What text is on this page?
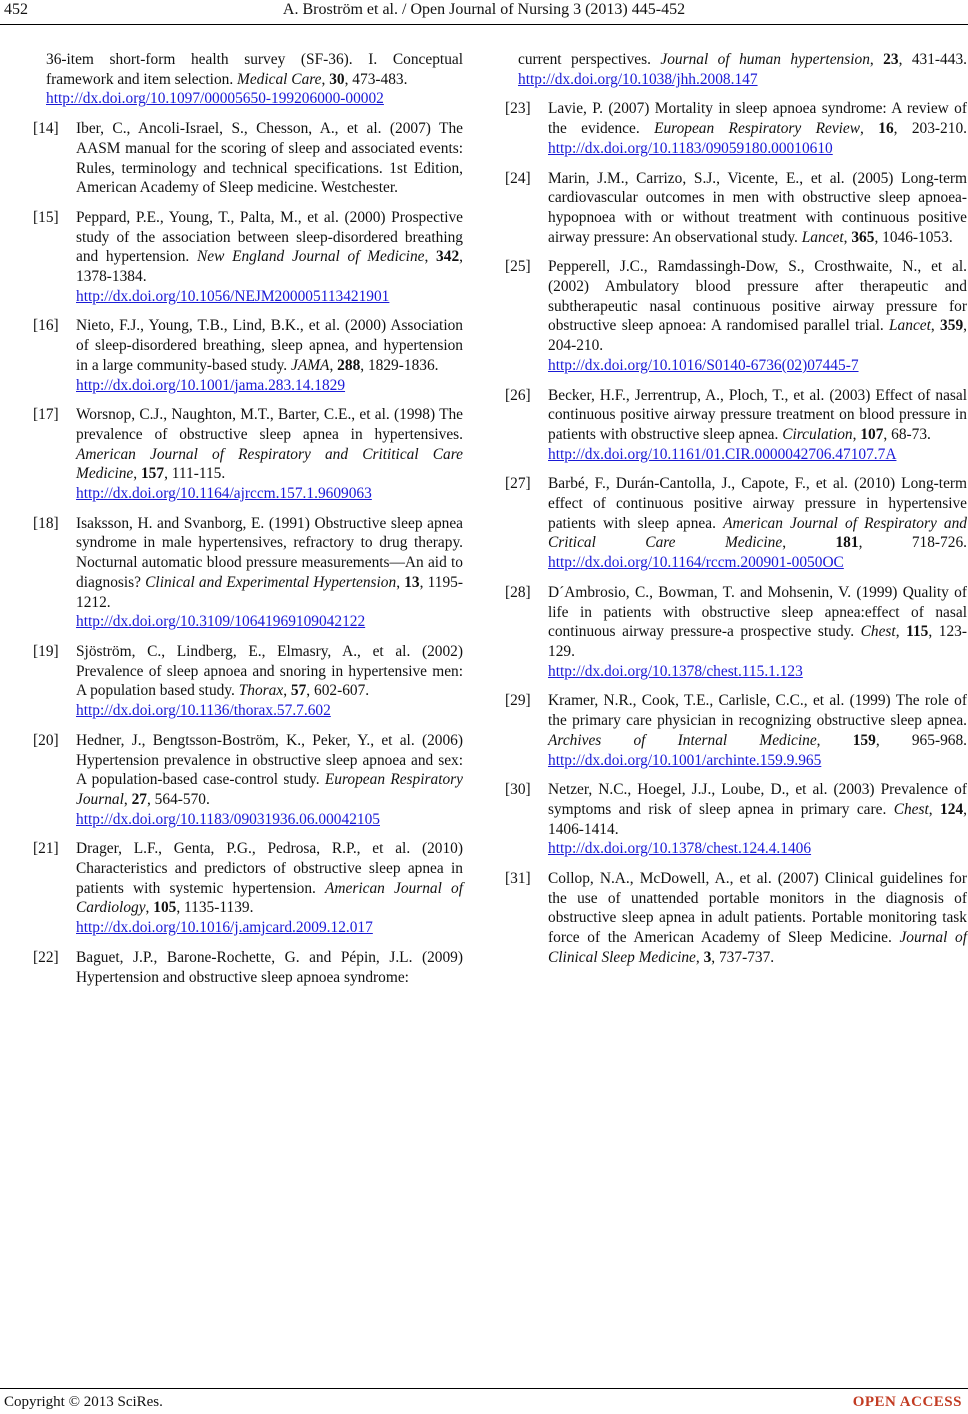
452	A. Broström et al. / Open Journal of Nursing 3 (2013) 445-452
36-item short-form health survey (SF-36). I. Conceptual framework and item selection. Medical Care, 30, 473-483.
http://dx.doi.org/10.1097/00005650-199206000-00002
[14] Iber, C., Ancoli-Israel, S., Chesson, A., et al. (2007) The AASM manual for the scoring of sleep and associated events: Rules, terminology and technical specifications. 1st Edition, American Academy of Sleep medicine. Westchester.
[15] Peppard, P.E., Young, T., Palta, M., et al. (2000) Prospective study of the association between sleep-disordered breathing and hypertension. New England Journal of Medicine, 342, 1378-1384.
http://dx.doi.org/10.1056/NEJM200005113421901
[16] Nieto, F.J., Young, T.B., Lind, B.K., et al. (2000) Association of sleep-disordered breathing, sleep apnea, and hypertension in a large community-based study. JAMA, 288, 1829-1836.
http://dx.doi.org/10.1001/jama.283.14.1829
[17] Worsnop, C.J., Naughton, M.T., Barter, C.E., et al. (1998) The prevalence of obstructive sleep apnea in hypertensives. American Journal of Respiratory and Crititical Care Medicine, 157, 111-115.
http://dx.doi.org/10.1164/ajrccm.157.1.9609063
[18] Isaksson, H. and Svanborg, E. (1991) Obstructive sleep apnea syndrome in male hypertensives, refractory to drug therapy. Nocturnal automatic blood pressure measurements—An aid to diagnosis? Clinical and Experimental Hypertension, 13, 1195-1212.
http://dx.doi.org/10.3109/10641969109042122
[19] Sjöström, C., Lindberg, E., Elmasry, A., et al. (2002) Prevalence of sleep apnoea and snoring in hypertensive men: A population based study. Thorax, 57, 602-607.
http://dx.doi.org/10.1136/thorax.57.7.602
[20] Hedner, J., Bengtsson-Boström, K., Peker, Y., et al. (2006) Hypertension prevalence in obstructive sleep apnoea and sex: A population-based case-control study. European Respiratory Journal, 27, 564-570.
http://dx.doi.org/10.1183/09031936.06.00042105
[21] Drager, L.F., Genta, P.G., Pedrosa, R.P., et al. (2010) Characteristics and predictors of obstructive sleep apnea in patients with systemic hypertension. American Journal of Cardiology, 105, 1135-1139.
http://dx.doi.org/10.1016/j.amjcard.2009.12.017
[22] Baguet, J.P., Barone-Rochette, G. and Pépin, J.L. (2009) Hypertension and obstructive sleep apnoea syndrome:
current perspectives. Journal of human hypertension, 23, 431-443. http://dx.doi.org/10.1038/jhh.2008.147
[23] Lavie, P. (2007) Mortality in sleep apnoea syndrome: A review of the evidence. European Respiratory Review, 16, 203-210. http://dx.doi.org/10.1183/09059180.00010610
[24] Marin, J.M., Carrizo, S.J., Vicente, E., et al. (2005) Long-term cardiovascular outcomes in men with obstructive sleep apnoea-hypopnoea with or without treatment with continuous positive airway pressure: An observational study. Lancet, 365, 1046-1053.
[25] Pepperell, J.C., Ramdassingh-Dow, S., Crosthwaite, N., et al. (2002) Ambulatory blood pressure after therapeutic and subtherapeutic nasal continuous positive airway pressure for obstructive sleep apnoea: A randomised parallel trial. Lancet, 359, 204-210.
http://dx.doi.org/10.1016/S0140-6736(02)07445-7
[26] Becker, H.F., Jerrentrup, A., Ploch, T., et al. (2003) Effect of nasal continuous positive airway pressure treatment on blood pressure in patients with obstructive sleep apnea. Circulation, 107, 68-73.
http://dx.doi.org/10.1161/01.CIR.0000042706.47107.7A
[27] Barbé, F., Durán-Cantolla, J., Capote, F., et al. (2010) Long-term effect of continuous positive airway pressure in hypertensive patients with sleep apnea. American Journal of Respiratory and Critical Care Medicine, 181, 718-726. http://dx.doi.org/10.1164/rccm.200901-0050OC
[28] D´Ambrosio, C., Bowman, T. and Mohsenin, V. (1999) Quality of life in patients with obstructive sleep apnea:effect of nasal continuous airway pressure-a prospective study. Chest, 115, 123-129.
http://dx.doi.org/10.1378/chest.115.1.123
[29] Kramer, N.R., Cook, T.E., Carlisle, C.C., et al. (1999) The role of the primary care physician in recognizing obstructive sleep apnea. Archives of Internal Medicine, 159, 965-968. http://dx.doi.org/10.1001/archinte.159.9.965
[30] Netzer, N.C., Hoegel, J.J., Loube, D., et al. (2003) Prevalence of symptoms and risk of sleep apnea in primary care. Chest, 124, 1406-1414.
http://dx.doi.org/10.1378/chest.124.4.1406
[31] Collop, N.A., McDowell, A., et al. (2007) Clinical guidelines for the use of unattended portable monitors in the diagnosis of obstructive sleep apnea in adult patients. Portable monitoring task force of the American Academy of Sleep Medicine. Journal of Clinical Sleep Medicine, 3, 737-737.
Copyright © 2013 SciRes.	OPEN ACCESS
